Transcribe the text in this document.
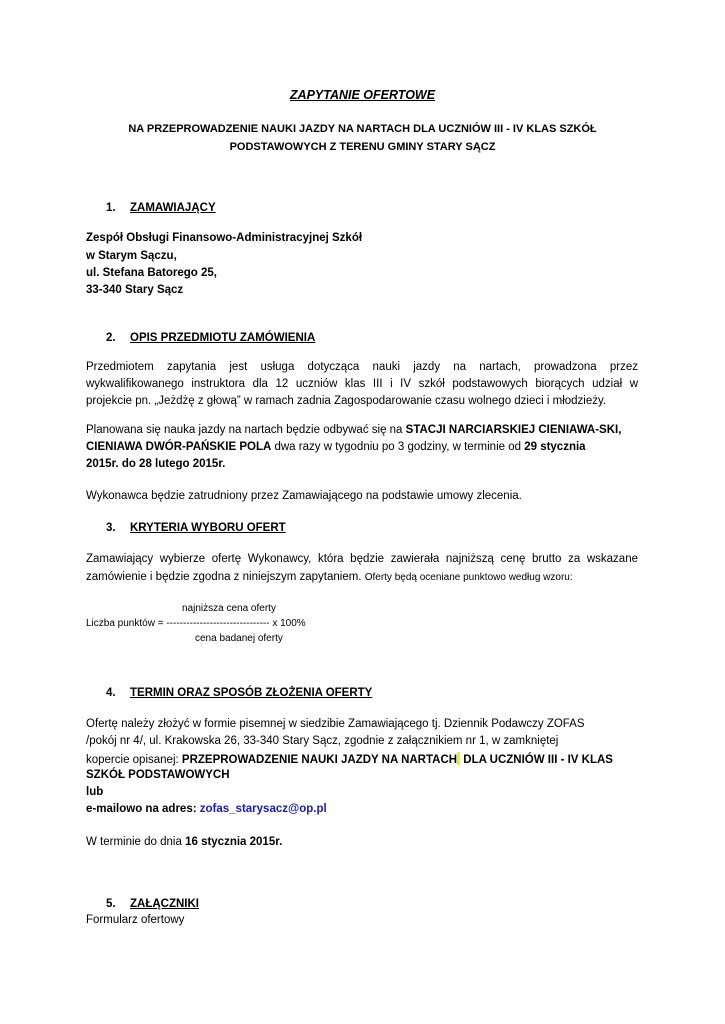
ZAPYTANIE OFERTOWE
NA PRZEPROWADZENIE NAUKI JAZDY NA NARTACH DLA UCZNIÓW III - IV KLAS SZKÓŁ
PODSTAWOWYCH Z TERENU GMINY STARY SĄCZ
1. ZAMAWIAJĄCY
Zespół Obsługi Finansowo-Administracyjnej Szkół
w Starym Sączu,
ul. Stefana Batorego 25,
33-340 Stary Sącz
2. OPIS PRZEDMIOTU ZAMÓWIENIA
Przedmiotem zapytania jest usługa dotycząca nauki jazdy na nartach, prowadzona przez
wykwalifikowanego instruktora dla 12 uczniów klas III i IV szkół podstawowych biorących udział w
projekcie pn. „Jeżdżę z głową” w ramach zadnia Zagospodarowanie czasu wolnego dzieci i młodzieży.
Planowana się nauka jazdy na nartach będzie odbywać się na STACJI NARCIARSKIEJ CIENIAWA-SKI,
CIENIAWA DWÓR-PAŃSKIE POLA dwa razy w tygodniu po 3 godziny, w terminie od 29 stycznia
2015r. do 28 lutego 2015r.
Wykonawca będzie zatrudniony przez Zamawiającego na podstawie umowy zlecenia.
3. KRYTERIA WYBORU OFERT
Zamawiający wybierze ofertę Wykonawcy, która będzie zawierała najniższą cenę brutto za wskazane
zamówienie i będzie zgodna z niniejszym zapytaniem. Oferty będą oceniane punktowo według wzoru:
najniższa cena oferty
Liczba punktów = ------------------------------- x 100%
cena badanej oferty
4. TERMIN ORAZ SPOSÓB ZŁOŻENIA OFERTY
Ofertę należy złożyć w formie pisemnej w siedzibie Zamawiającego tj. Dziennik Podawczy ZOFAS
/pokój nr 4/, ul. Krakowska 26, 33-340 Stary Sącz, zgodnie z załącznikiem nr 1, w zamkniętej
kopercie opisanej: PRZEPROWADZENIE NAUKI JAZDY NA NARTACH DLA UCZNIÓW III - IV KLAS
SZKÓŁ PODSTAWOWYCH
lub
e-mailowo na adres: zofas_starysacz@op.pl
W terminie do dnia 16 stycznia 2015r.
5. ZAŁĄCZNIKI
Formularz ofertowy
